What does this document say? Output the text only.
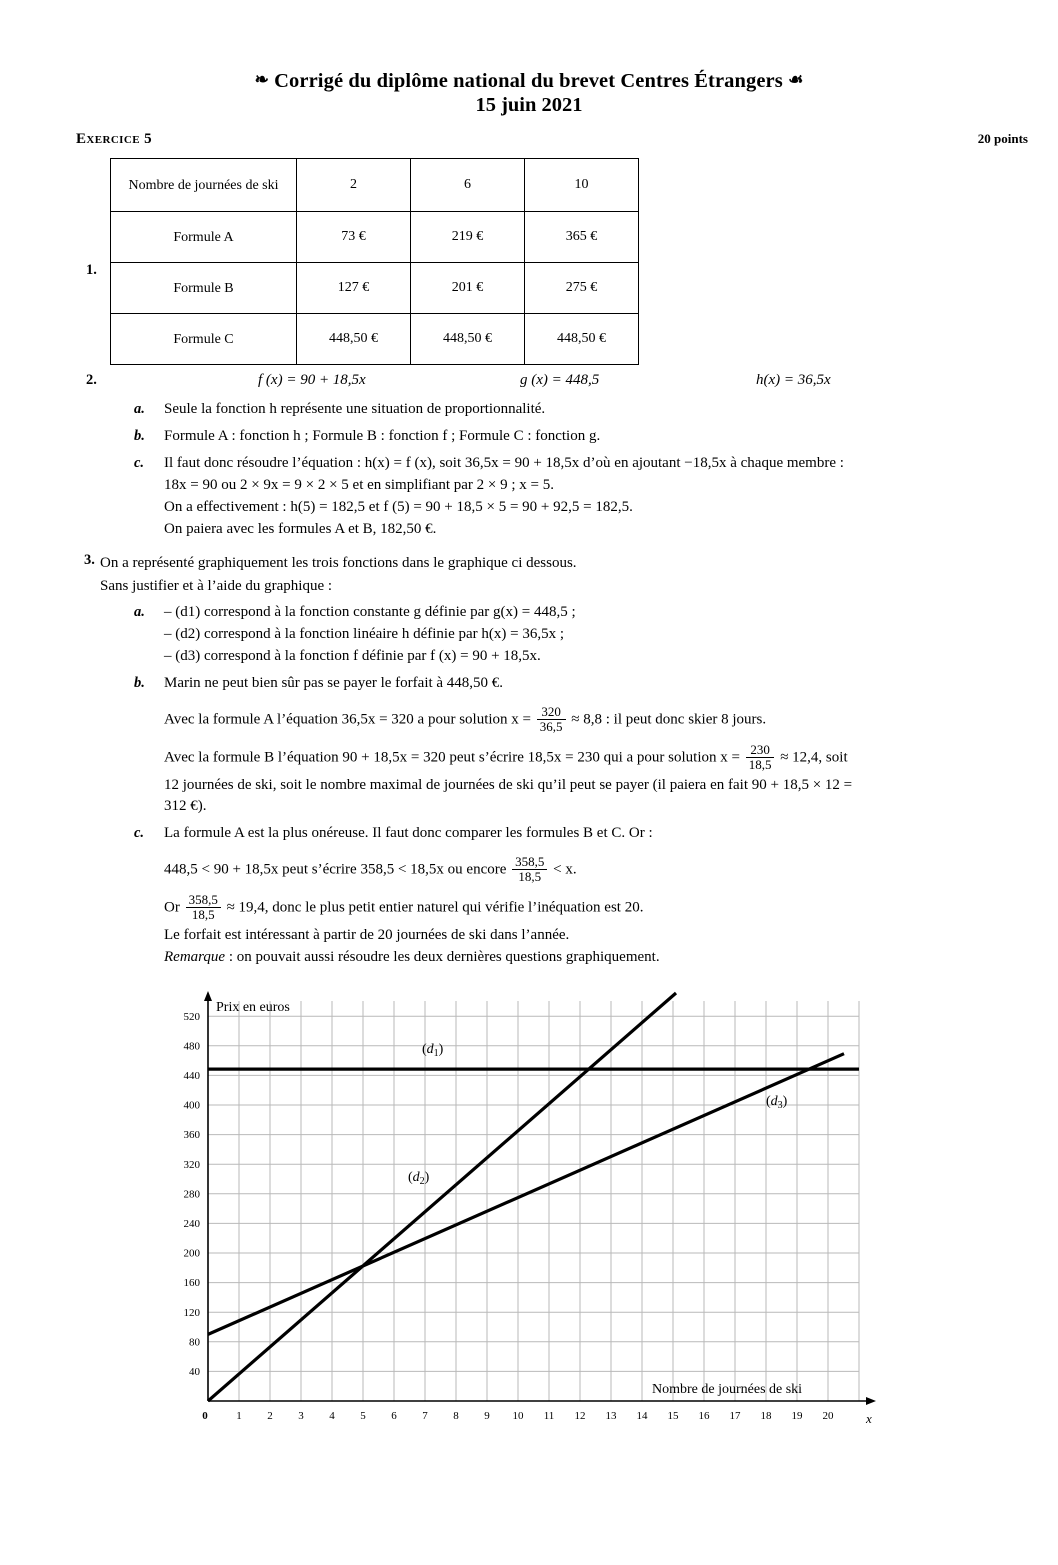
❧ Corrigé du diplôme national du brevet Centres Étrangers ☙
15 juin 2021
Exercice 5	20 points
1.
Nombre de journées de ski	2	6	10
Formule A	73 €	219 €	365 €
Formule B	127 €	201 €	275 €
Formule C	448,50 €	448,50 €	448,50 €
2.	f (x) = 90 + 18,5x	g (x) = 448,5	h(x) = 36,5x
a. Seule la fonction h représente une situation de proportionnalité.
b. Formule A : fonction h ; Formule B : fonction f ; Formule C : fonction g.
c. Il faut donc résoudre l’équation : h(x) = f (x), soit 36,5x = 90 + 18,5x d’où en ajoutant −18,5x à chaque membre :
18x = 90 ou 2 × 9x = 9 × 2 × 5 et en simplifiant par 2 × 9 ; x = 5.
On a effectivement : h(5) = 182,5 et f (5) = 90 + 18,5 × 5 = 90 + 92,5 = 182,5.
On paiera avec les formules A et B, 182,50 €.
3. On a représenté graphiquement les trois fonctions dans le graphique ci dessous.
Sans justifier et à l’aide du graphique :
a. – (d1) correspond à la fonction constante g définie par g(x) = 448,5 ;
– (d2) correspond à la fonction linéaire h définie par h(x) = 36,5x ;
– (d3) correspond à la fonction f définie par f (x) = 90 + 18,5x.
b. Marin ne peut bien sûr pas se payer le forfait à 448,50 €.
Avec la formule A l’équation 36,5x = 320 a pour solution $x = \frac{320}{36,5} \approx 8,8$ : il peut donc skier 8 jours.
Avec la formule B l’équation 90 + 18,5x = 320 peut s’écrire 18,5x = 230 qui a pour solution $x = \frac{230}{18,5} \approx 12,4$, soit
12 journées de ski, soit le nombre maximal de journées de ski qu’il peut se payer (il paiera en fait 90 + 18,5 × 12 =
312 €).
c. La formule A est la plus onéreuse. Il faut donc comparer les formules B et C. Or :
448,5 < 90 + 18,5x peut s’écrire 358,5 < 18,5x ou encore $\frac{358,5}{18,5} < x$.
Or $\frac{358,5}{18,5} \approx 19,4$, donc le plus petit entier naturel qui vérifie l’inéquation est 20.
Le forfait est intéressant à partir de 20 journées de ski dans l’année.
Remarque : on pouvait aussi résoudre les deux dernières questions graphiquement.
40
80
120
160
200
240
280
320
360
400
440
480
520
0	1 2 3 4 5 6 7 8 9 10 11 12 13 14 15 16 17 18 19 20
Prix en euros
Nombre de journées de ski
x
$(d_1)$
$(d_2)$
$(d_3)$
